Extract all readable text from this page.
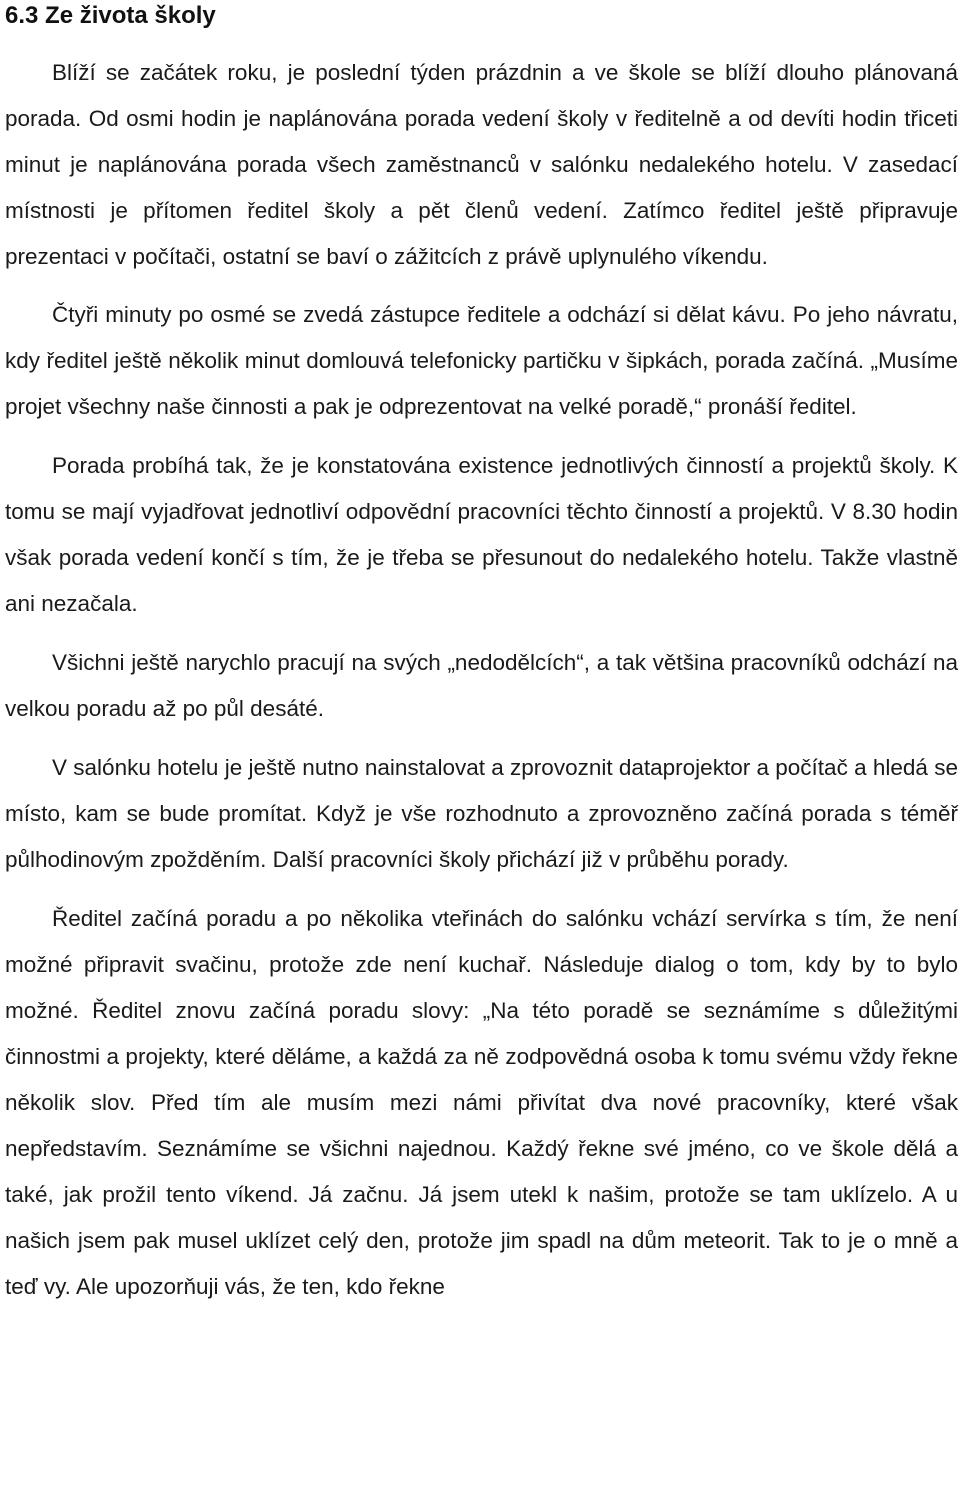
6.3 Ze života školy

Blíží se začátek roku, je poslední týden prázdnin a ve škole se blíží dlouho plánovaná porada. Od osmi hodin je naplánována porada vedení školy v ředitelně a od devíti hodin třiceti minut je naplánována porada všech zaměstnanců v salónku nedalekého hotelu. V zasedací místnosti je přítomen ředitel školy a pět členů vedení. Zatímco ředitel ještě připravuje prezentaci v počítači, ostatní se baví o zážitcích z právě uplynulého víkendu.

Čtyři minuty po osmé se zvedá zástupce ředitele a odchází si dělat kávu. Po jeho návratu, kdy ředitel ještě několik minut domlouvá telefonicky partičku v šipkách, porada začíná. „Musíme projet všechny naše činnosti a pak je odprezentovat na velké poradě,“ pronáší ředitel.

Porada probíhá tak, že je konstatována existence jednotlivých činností a projektů školy. K tomu se mají vyjadřovat jednotliví odpovědní pracovníci těchto činností a projektů. V 8.30 hodin však porada vedení končí s tím, že je třeba se přesunout do nedalekého hotelu. Takže vlastně ani nezačala.

Všichni ještě narychlo pracují na svých „nedodělcích“, a tak většina pracovníků odchází na velkou poradu až po půl desáté.

V salónku hotelu je ještě nutno nainstalovat a zprovoznit dataprojektor a počítač a hledá se místo, kam se bude promítat. Když je vše rozhodnuto a zprovozněno začíná porada s téměř půlhodinovým zpožděním. Další pracovníci školy přichází již v průběhu porady.

Ředitel začíná poradu a po několika vteřinách do salónku vchází servírka s tím, že není možné připravit svačinu, protože zde není kuchař. Následuje dialog o tom, kdy by to bylo možné. Ředitel znovu začíná poradu slovy: „Na této poradě se seznámíme s důležitými činnostmi a projekty, které děláme, a každá za ně zodpovědná osoba k tomu svému vždy řekne několik slov. Před tím ale musím mezi námi přivítat dva nové pracovníky, které však nepředstavím. Seznámíme se všichni najednou. Každý řekne své jméno, co ve škole dělá a také, jak prožil tento víkend. Já začnu. Já jsem utekl k našim, protože se tam uklízelo. A u našich jsem pak musel uklízet celý den, protože jim spadl na dům meteorit. Tak to je o mně a teď vy. Ale upozorňuji vás, že ten, kdo řekne
